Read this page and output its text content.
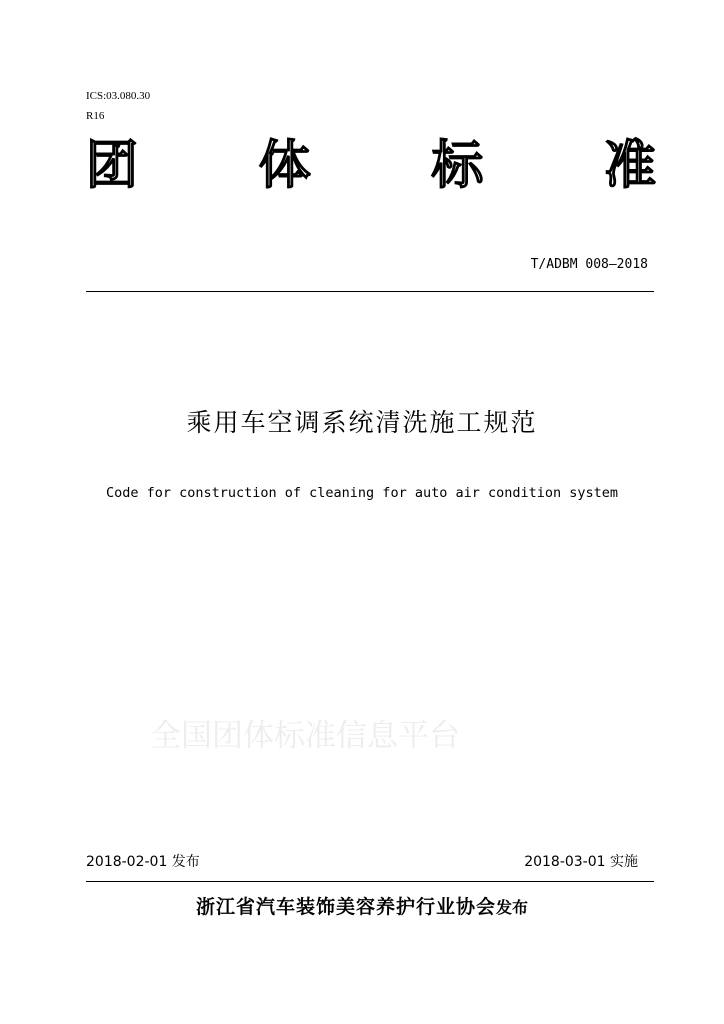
ICS:03.080.30
R16
团 体 标 准
T/ADBM 008—2018
乘用车空调系统清洗施工规范
Code for construction of cleaning for auto air condition system
全国团体标准信息平台
2018-02-01 发布	2018-03-01 实施
浙江省汽车装饰美容养护行业协会发布
